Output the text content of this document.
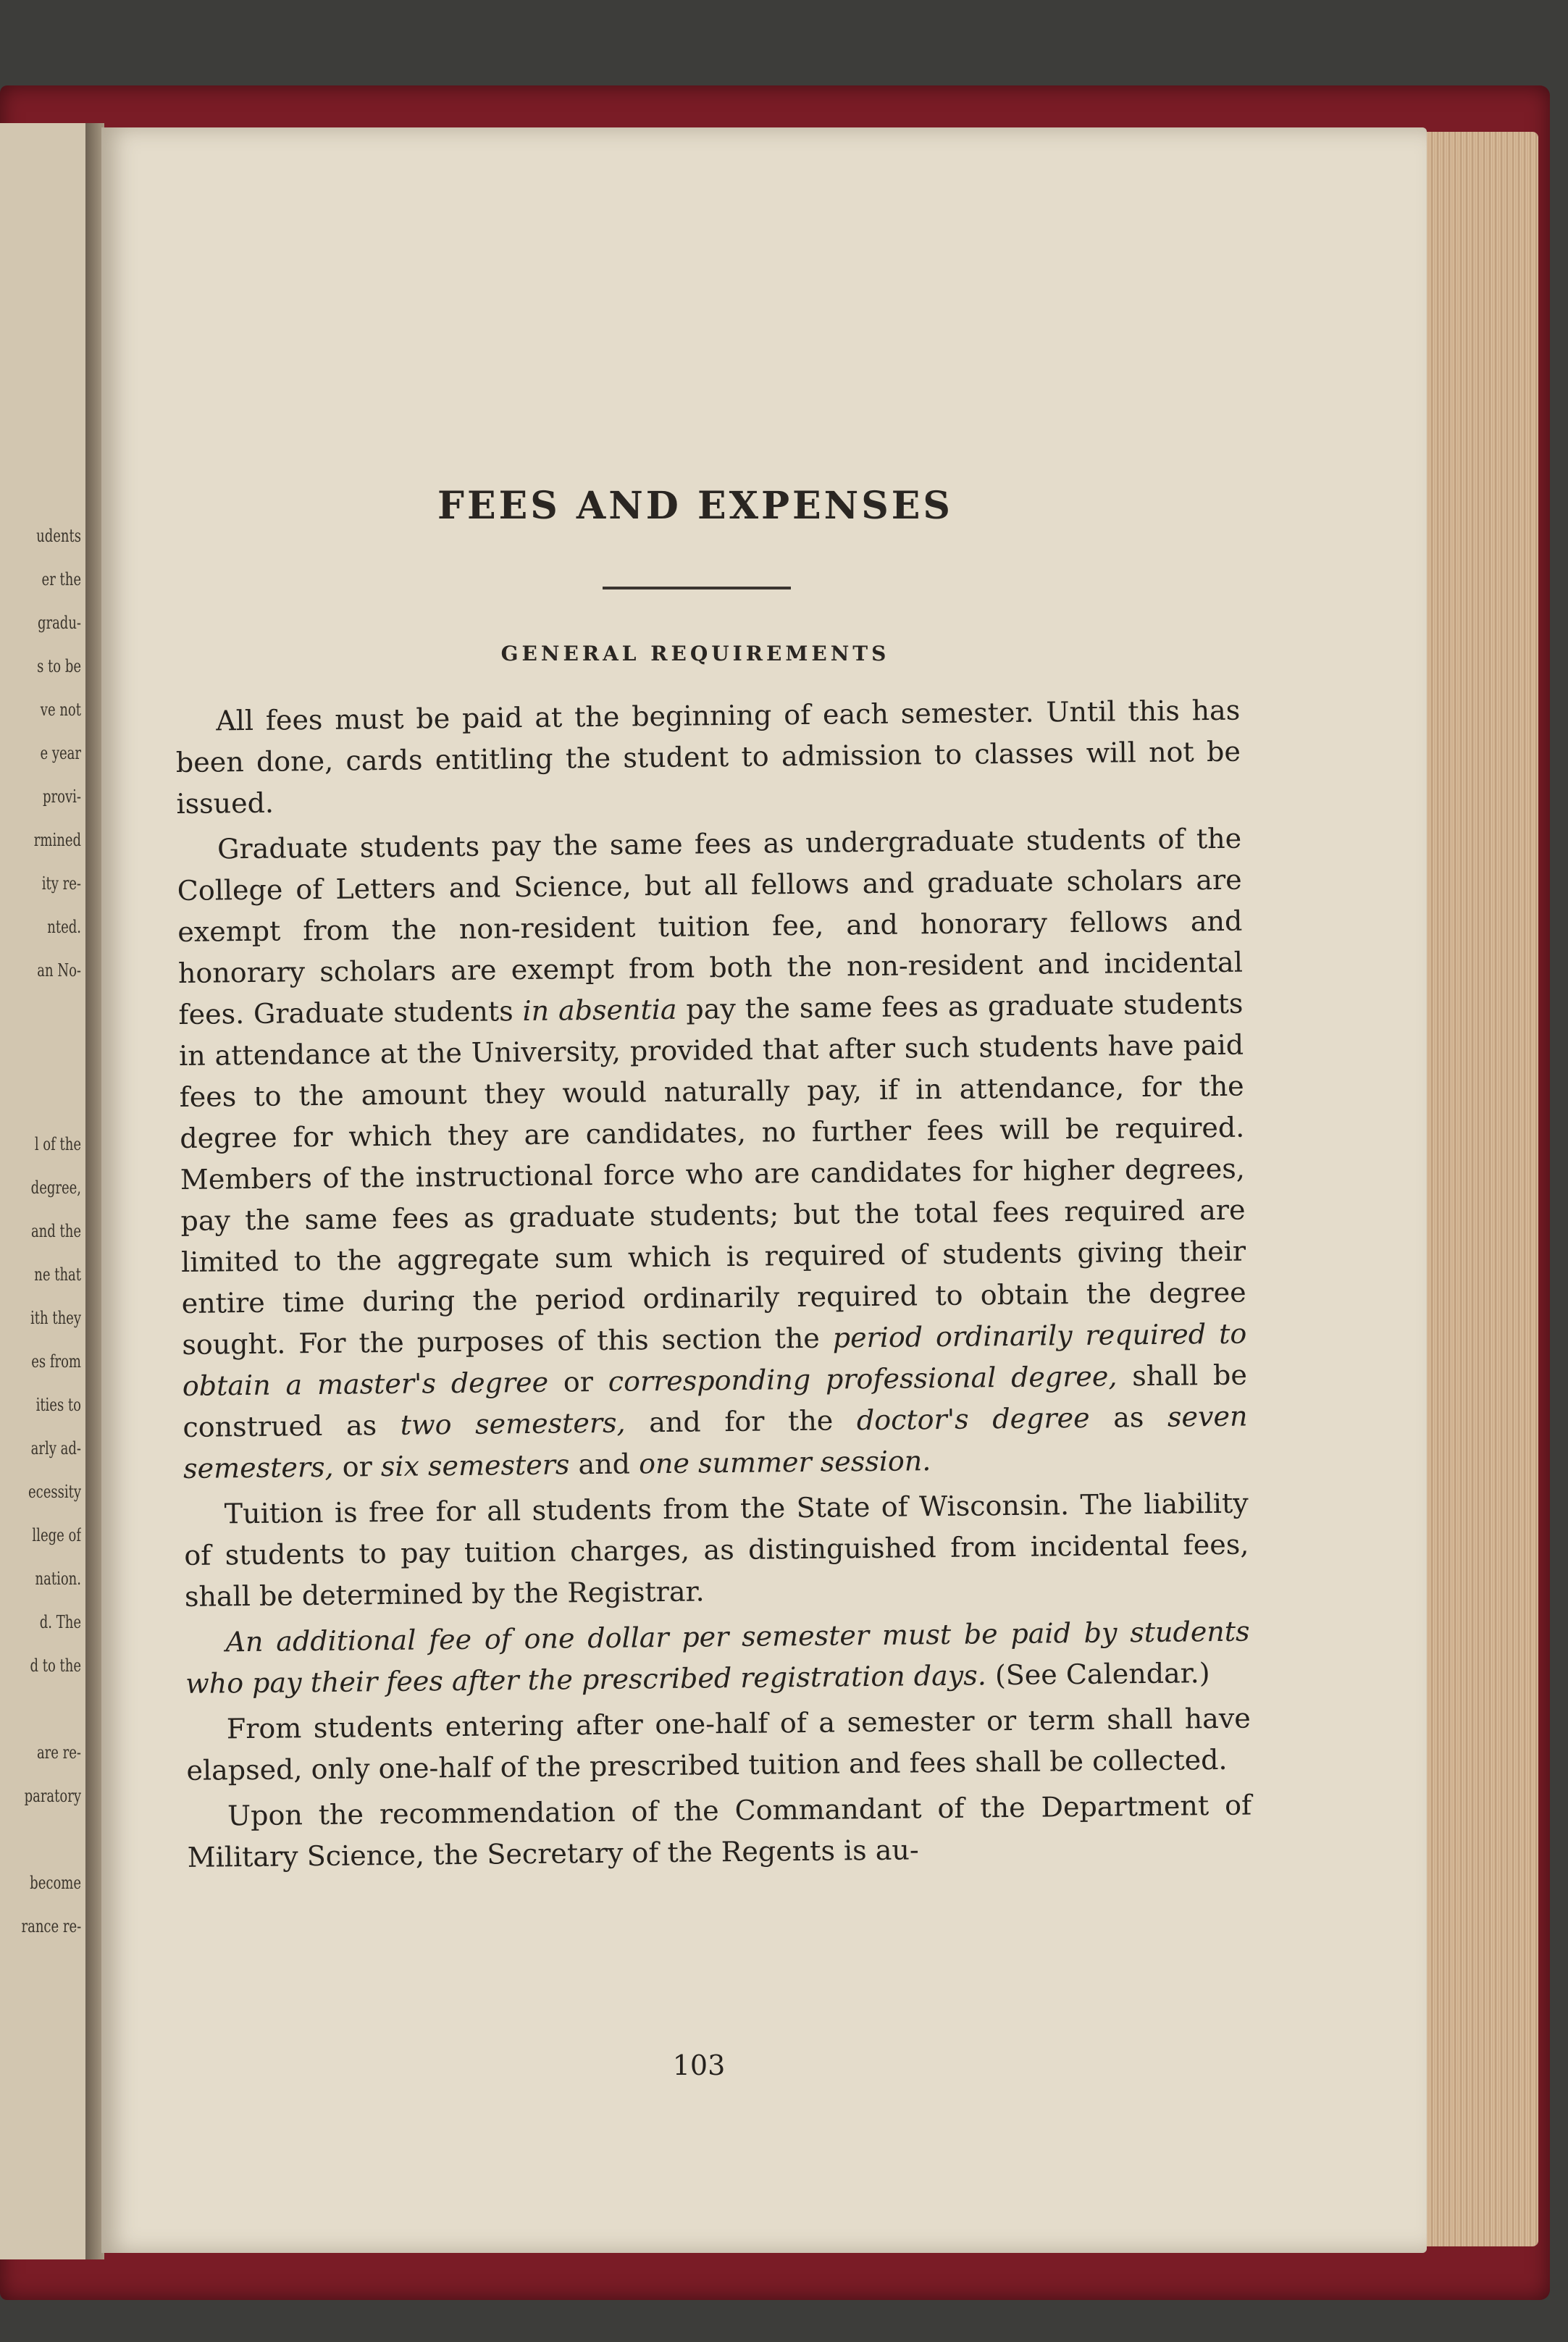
udents
er the
gradu-
s to be
ve not
e year
provi-
rmined
ity re-
nted.
an No-

l of the
degree,
and the
ne that
ith they
es from
ities to
arly ad-
ecessity
llege of
nation.
d. The
d to the

are re-
paratory

become
rance re-
FEES AND EXPENSES
GENERAL REQUIREMENTS

All fees must be paid at the beginning of each semester. Until this has been done, cards entitling the student to admission to classes will not be issued.

Graduate students pay the same fees as undergraduate students of the College of Letters and Science, but all fellows and graduate scholars are exempt from the non-resident tuition fee, and honorary fellows and honorary scholars are exempt from both the non-resident and incidental fees. Graduate students in absentia pay the same fees as graduate students in attendance at the University, provided that after such students have paid fees to the amount they would naturally pay, if in attendance, for the degree for which they are candidates, no further fees will be required. Members of the instructional force who are candidates for higher degrees, pay the same fees as graduate students; but the total fees required are limited to the aggregate sum which is required of students giving their entire time during the period ordinarily required to obtain the degree sought. For the purposes of this section the period ordinarily required to obtain a master's degree or corresponding professional degree, shall be construed as two semesters, and for the doctor's degree as seven semesters, or six semesters and one summer session.

Tuition is free for all students from the State of Wisconsin. The liability of students to pay tuition charges, as distinguished from incidental fees, shall be determined by the Registrar.

An additional fee of one dollar per semester must be paid by students who pay their fees after the prescribed registration days. (See Calendar.)

From students entering after one-half of a semester or term shall have elapsed, only one-half of the prescribed tuition and fees shall be collected.

Upon the recommendation of the Commandant of the Department of Military Science, the Secretary of the Regents is au-

103
